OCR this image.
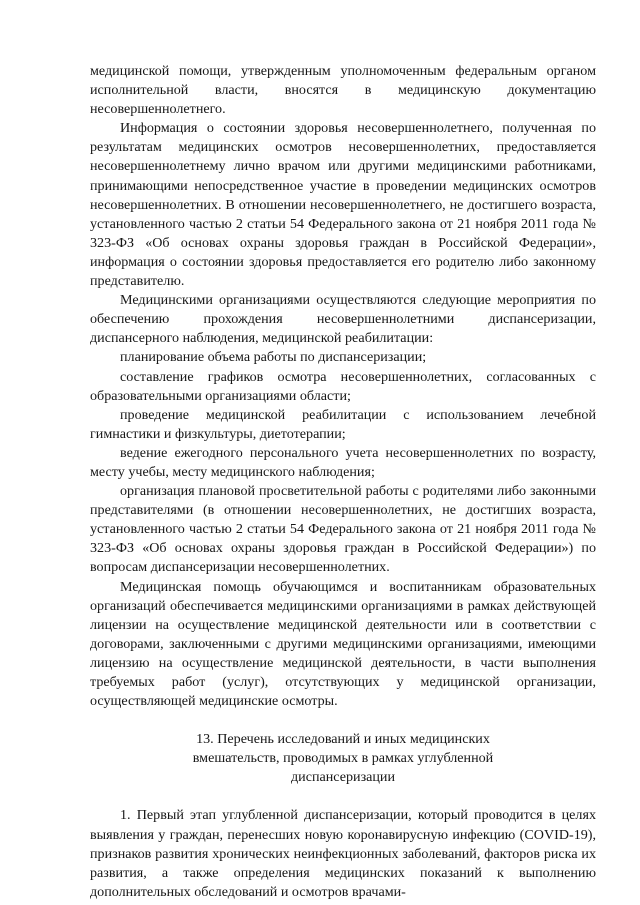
медицинской помощи, утвержденным уполномоченным федеральным органом исполнительной власти, вносятся в медицинскую документацию несовершеннолетнего.

Информация о состоянии здоровья несовершеннолетнего, полученная по результатам медицинских осмотров несовершеннолетних, предоставляется несовершеннолетнему лично врачом или другими медицинскими работниками, принимающими непосредственное участие в проведении медицинских осмотров несовершеннолетних. В отношении несовершеннолетнего, не достигшего возраста, установленного частью 2 статьи 54 Федерального закона от 21 ноября 2011 года № 323-ФЗ «Об основах охраны здоровья граждан в Российской Федерации», информация о состоянии здоровья предоставляется его родителю либо законному представителю.

Медицинскими организациями осуществляются следующие мероприятия по обеспечению прохождения несовершеннолетними диспансеризации, диспансерного наблюдения, медицинской реабилитации:

планирование объема работы по диспансеризации;

составление графиков осмотра несовершеннолетних, согласованных с образовательными организациями области;

проведение медицинской реабилитации с использованием лечебной гимнастики и физкультуры, диетотерапии;

ведение ежегодного персонального учета несовершеннолетних по возрасту, месту учебы, месту медицинского наблюдения;

организация плановой просветительной работы с родителями либо законными представителями (в отношении несовершеннолетних, не достигших возраста, установленного частью 2 статьи 54 Федерального закона от 21 ноября 2011 года № 323-ФЗ «Об основах охраны здоровья граждан в Российской Федерации») по вопросам диспансеризации несовершеннолетних.

Медицинская помощь обучающимся и воспитанникам образовательных организаций обеспечивается медицинскими организациями в рамках действующей лицензии на осуществление медицинской деятельности или в соответствии с договорами, заключенными с другими медицинскими организациями, имеющими лицензию на осуществление медицинской деятельности, в части выполнения требуемых работ (услуг), отсутствующих у медицинской организации, осуществляющей медицинские осмотры.

13. Перечень исследований и иных медицинских вмешательств, проводимых в рамках углубленной диспансеризации

1. Первый этап углубленной диспансеризации, который проводится в целях выявления у граждан, перенесших новую коронавирусную инфекцию (COVID-19), признаков развития хронических неинфекционных заболеваний, факторов риска их развития, а также определения медицинских показаний к выполнению дополнительных обследований и осмотров врачами-
